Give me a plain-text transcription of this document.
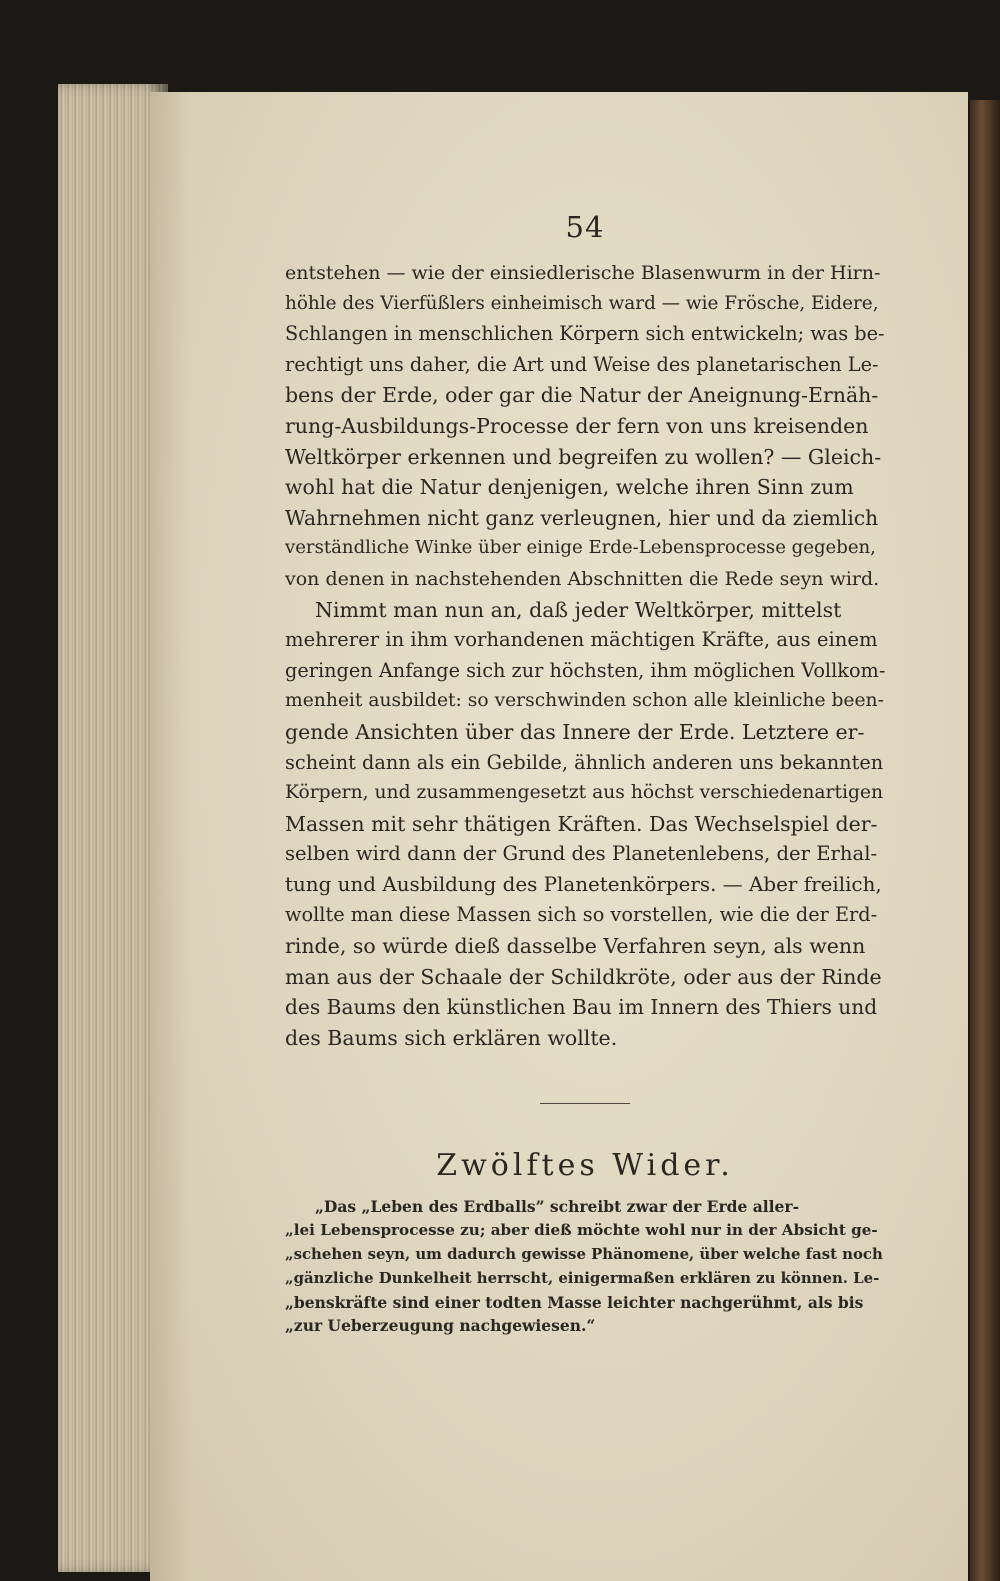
54

entstehen — wie der einsiedlerische Blasenwurm in der Hirn-
höhle des Vierfüßlers einheimisch ward — wie Frösche, Eidere,
Schlangen in menschlichen Körpern sich entwickeln; was be-
rechtigt uns daher, die Art und Weise des planetarischen Le-
bens der Erde, oder gar die Natur der Aneignung-Ernäh-
rung-Ausbildungs-Processe der fern von uns kreisenden
Weltkörper erkennen und begreifen zu wollen? — Gleich-
wohl hat die Natur denjenigen, welche ihren Sinn zum
Wahrnehmen nicht ganz verleugnen, hier und da ziemlich
verständliche Winke über einige Erde-Lebensprocesse gegeben,
von denen in nachstehenden Abschnitten die Rede seyn wird.

Nimmt man nun an, daß jeder Weltkörper, mittelst
mehrerer in ihm vorhandenen mächtigen Kräfte, aus einem
geringen Anfange sich zur höchsten, ihm möglichen Vollkom-
menheit ausbildet: so verschwinden schon alle kleinliche been-
gende Ansichten über das Innere der Erde. Letztere er-
scheint dann als ein Gebilde, ähnlich anderen uns bekannten
Körpern, und zusammengesetzt aus höchst verschiedenartigen
Massen mit sehr thätigen Kräften. Das Wechselspiel der-
selben wird dann der Grund des Planetenlebens, der Erhal-
tung und Ausbildung des Planetenkörpers. — Aber freilich,
wollte man diese Massen sich so vorstellen, wie die der Erd-
rinde, so würde dieß dasselbe Verfahren seyn, als wenn
man aus der Schaale der Schildkröte, oder aus der Rinde
des Baums den künstlichen Bau im Innern des Thiers und
des Baums sich erklären wollte.

Zwölftes Wider.

„Das „Leben des Erdballs” schreibt zwar der Erde aller-
„lei Lebensprocesse zu; aber dieß möchte wohl nur in der Absicht ge-
„schehen seyn, um dadurch gewisse Phänomene, über welche fast noch
„gänzliche Dunkelheit herrscht, einigermaßen erklären zu können. Le-
„benskräfte sind einer todten Masse leichter nachgerühmt, als bis
„zur Ueberzeugung nachgewiesen.“
